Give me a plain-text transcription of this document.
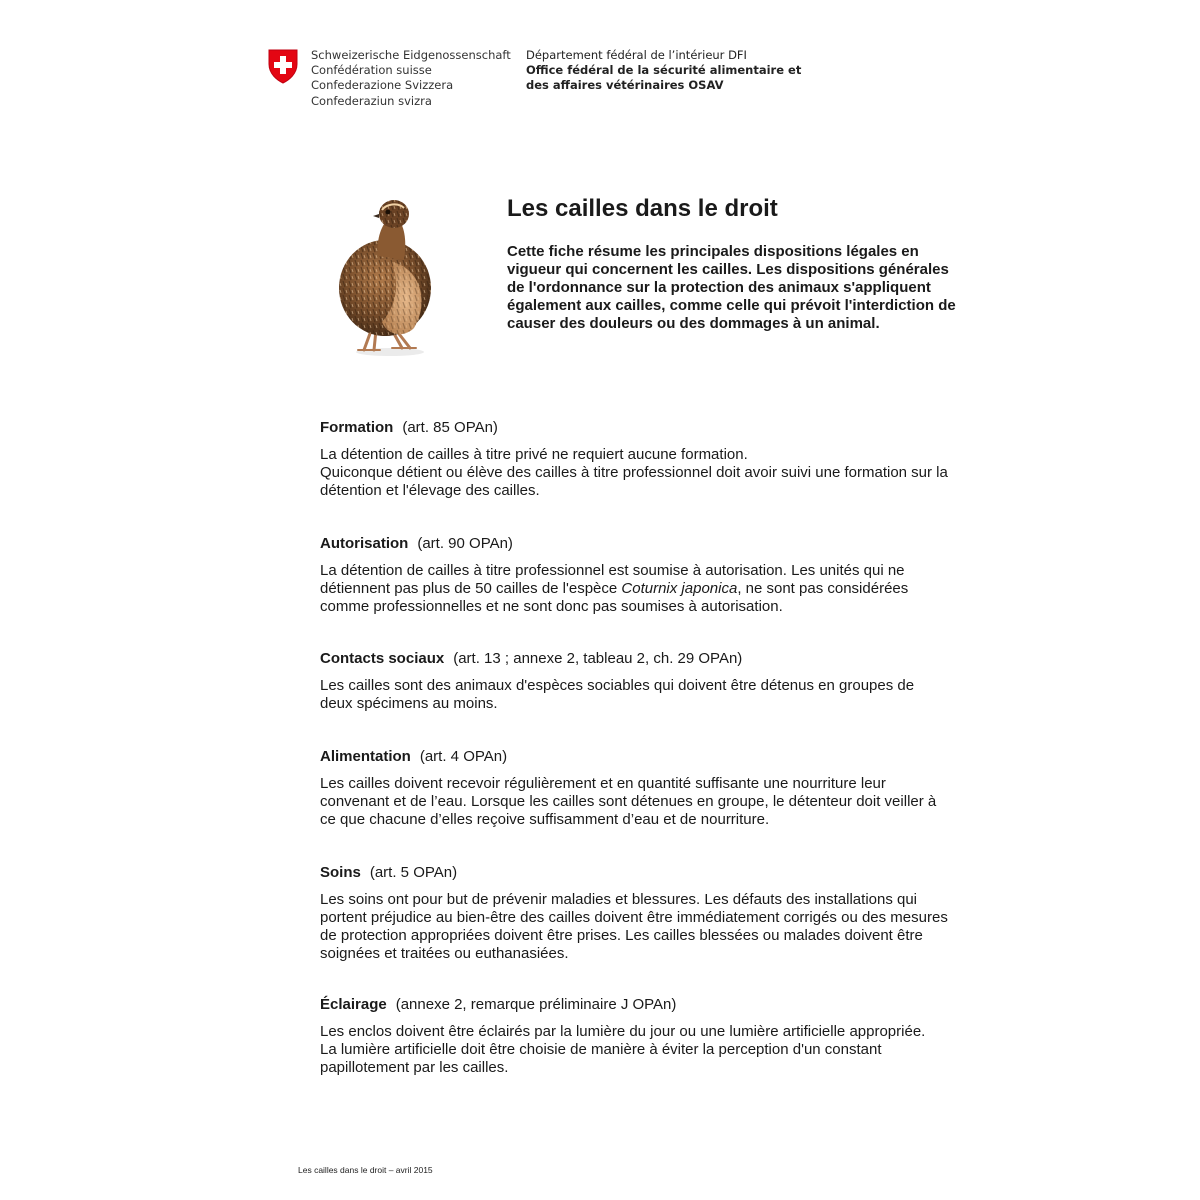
Schweizerische Eidgenossenschaft
Confédération suisse
Confederazione Svizzera
Confederaziun svizra
Département fédéral de l’intérieur DFI
Office fédéral de la sécurité alimentaire et
des affaires vétérinaires OSAV
Les cailles dans le droit

Cette fiche résume les principales dispositions légales en vigueur qui concernent les cailles. Les dispositions générales de l'ordonnance sur la protection des animaux s'appliquent également aux cailles, comme celle qui prévoit l'interdiction de causer des douleurs ou des dommages à un animal.

Formation (art. 85 OPAn)

La détention de cailles à titre privé ne requiert aucune formation.
Quiconque détient ou élève des cailles à titre professionnel doit avoir suivi une formation sur la détention et l'élevage des cailles.

Autorisation (art. 90 OPAn)

La détention de cailles à titre professionnel est soumise à autorisation. Les unités qui ne détiennent pas plus de 50 cailles de l'espèce Coturnix japonica, ne sont pas considérées comme professionnelles et ne sont donc pas soumises à autorisation.

Contacts sociaux (art. 13 ; annexe 2, tableau 2, ch. 29 OPAn)

Les cailles sont des animaux d'espèces sociables qui doivent être détenus en groupes de deux spécimens au moins.

Alimentation (art. 4 OPAn)

Les cailles doivent recevoir régulièrement et en quantité suffisante une nourriture leur convenant et de l’eau. Lorsque les cailles sont détenues en groupe, le détenteur doit veiller à ce que chacune d’elles reçoive suffisamment d’eau et de nourriture.

Soins (art. 5 OPAn)

Les soins ont pour but de prévenir maladies et blessures. Les défauts des installations qui portent préjudice au bien-être des cailles doivent être immédiatement corrigés ou des mesures de protection appropriées doivent être prises. Les cailles blessées ou malades doivent être soignées et traitées ou euthanasiées.

Éclairage (annexe 2, remarque préliminaire J OPAn)

Les enclos doivent être éclairés par la lumière du jour ou une lumière artificielle appropriée.
La lumière artificielle doit être choisie de manière à éviter la perception d'un constant papillotement par les cailles.

Les cailles dans le droit – avril 2015
